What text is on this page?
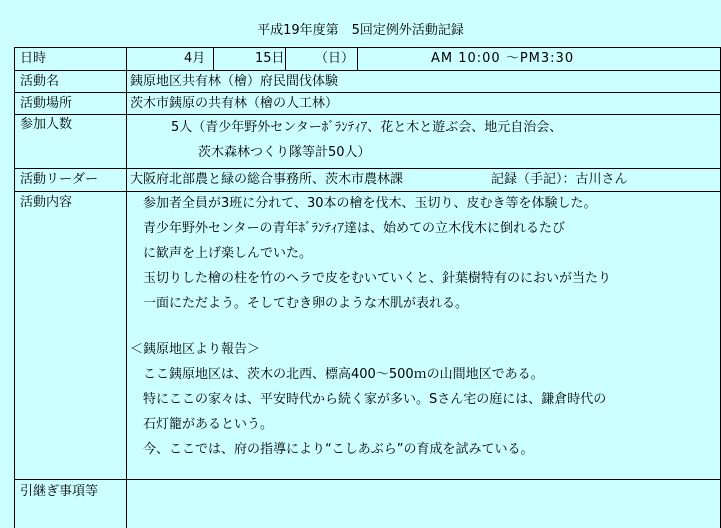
平成19年度第　5回定例外活動記録
日時	4月	15日	（日）	AM 10:00 ～PM3:30
活動名	銕原地区共有林（檜）府民間伐体験
活動場所	茨木市銕原の共有林（檜の人工林）
参加人数	5人（青少年野外センターﾎﾞﾗﾝﾃｨｱ、花と木と遊ぶ会、地元自治会、
茨木森林つくり隊等計50人）
活動リーダー	大阪府北部農と緑の総合事務所、茨木市農林課	記録（手記）：古川さん
活動内容	参加者全員が3班に分れて、30本の檜を伐木、玉切り、皮むき等を体験した。
青少年野外センターの青年ﾎﾞﾗﾝﾃｨｱ達は、始めての立木伐木に倒れるたび
に歓声を上げ楽しんでいた。
玉切りした檜の柱を竹のヘラで皮をむいていくと、針葉樹特有のにおいが当たり
一面にただよう。そしてむき卵のような木肌が表れる。
＜銕原地区より報告＞
ここ銕原地区は、茨木の北西、標高400～500ｍの山間地区である。
特にここの家々は、平安時代から続く家が多い。Sさん宅の庭には、鎌倉時代の
石灯籠があるという。
今、ここでは、府の指導により“こしあぶら”の育成を試みている。
引継ぎ事項等
